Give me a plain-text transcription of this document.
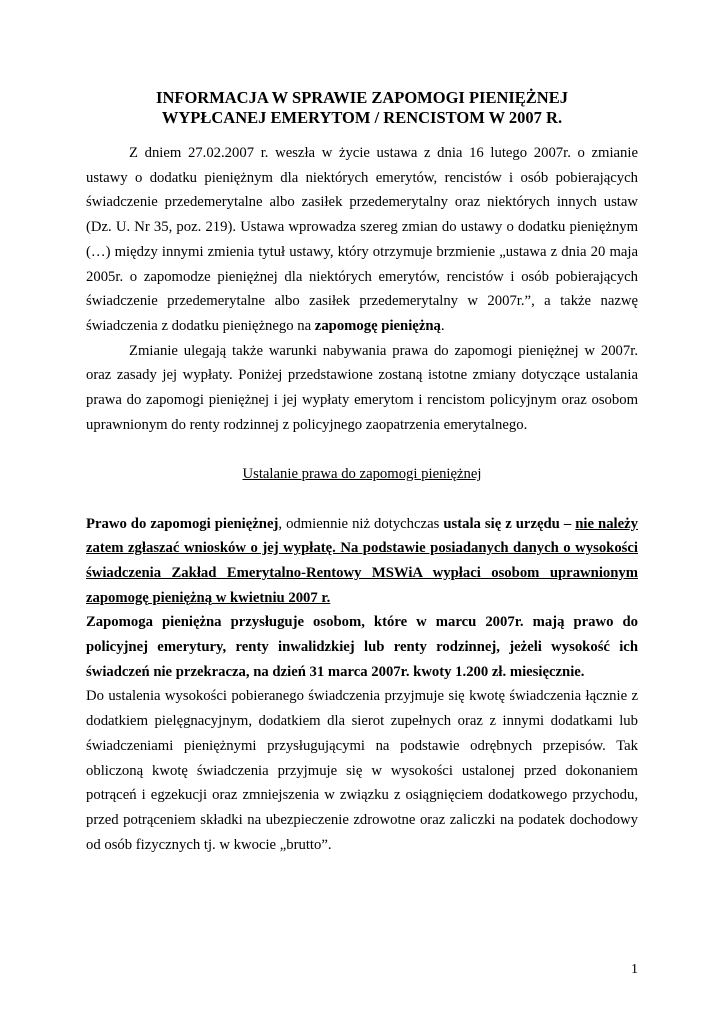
INFORMACJA W SPRAWIE ZAPOMOGI PIENIĘŻNEJ
WYPŁCANEJ EMERYTOM / RENCISTOM W 2007 R.

Z dniem 27.02.2007 r. weszła w życie ustawa z dnia 16 lutego 2007r. o zmianie ustawy o dodatku pieniężnym dla niektórych emerytów, rencistów i osób pobierających świadczenie przedemerytalne albo zasiłek przedemerytalny oraz niektórych innych ustaw (Dz. U. Nr 35, poz. 219). Ustawa wprowadza szereg zmian do ustawy o dodatku pieniężnym (…) między innymi zmienia tytuł ustawy, który otrzymuje brzmienie „ustawa z dnia 20 maja 2005r. o zapomodze pieniężnej dla niektórych emerytów, rencistów i osób pobierających świadczenie przedemerytalne albo zasiłek przedemerytalny w 2007r.”, a także nazwę świadczenia z dodatku pieniężnego na zapomogę pieniężną.

Zmianie ulegają także warunki nabywania prawa do zapomogi pieniężnej w 2007r. oraz zasady jej wypłaty. Poniżej przedstawione zostaną istotne zmiany dotyczące ustalania prawa do zapomogi pieniężnej i jej wypłaty emerytom i rencistom policyjnym oraz osobom uprawnionym do renty rodzinnej z policyjnego zaopatrzenia emerytalnego.

Ustalanie prawa do zapomogi pieniężnej

Prawo do zapomogi pieniężnej, odmiennie niż dotychczas ustala się z urzędu – nie należy zatem zgłaszać wniosków o jej wypłatę. Na podstawie posiadanych danych o wysokości świadczenia Zakład Emerytalno-Rentowy MSWiA wypłaci osobom uprawnionym zapomogę pieniężną w kwietniu 2007 r.

Zapomoga pieniężna przysługuje osobom, które w marcu 2007r. mają prawo do policyjnej emerytury, renty inwalidzkiej lub renty rodzinnej, jeżeli wysokość ich świadczeń nie przekracza, na dzień 31 marca 2007r. kwoty 1.200 zł. miesięcznie.

Do ustalenia wysokości pobieranego świadczenia przyjmuje się kwotę świadczenia łącznie z dodatkiem pielęgnacyjnym, dodatkiem dla sierot zupełnych oraz z innymi dodatkami lub świadczeniami pieniężnymi przysługującymi na podstawie odrębnych przepisów. Tak obliczoną kwotę świadczenia przyjmuje się w wysokości ustalonej przed dokonaniem potrąceń i egzekucji oraz zmniejszenia w związku z osiągnięciem dodatkowego przychodu, przed potrąceniem składki na ubezpieczenie zdrowotne oraz zaliczki na podatek dochodowy od osób fizycznych tj. w kwocie „brutto”.

1
